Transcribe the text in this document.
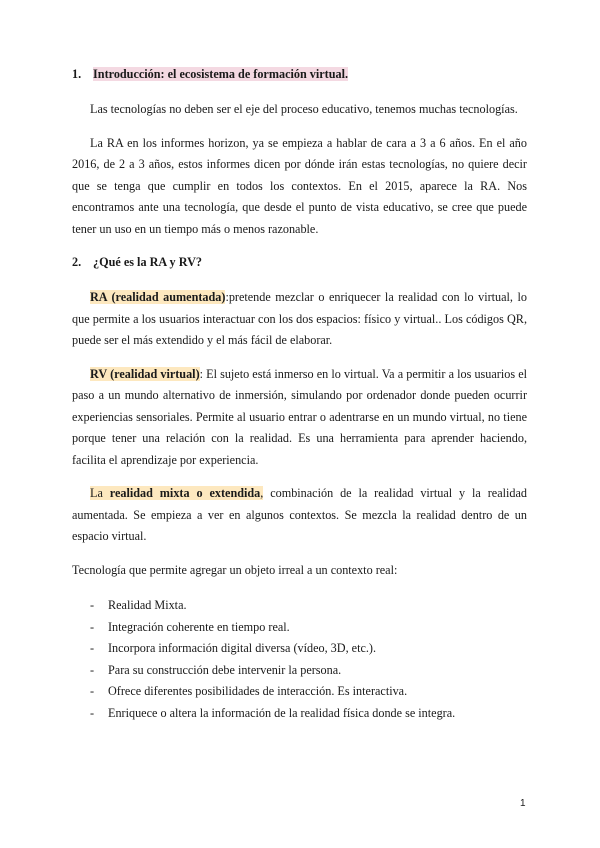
1. Introducción: el ecosistema de formación virtual.

Las tecnologías no deben ser el eje del proceso educativo, tenemos muchas tecnologías.

La RA en los informes horizon, ya se empieza a hablar de cara a 3 a 6 años. En el año 2016, de 2 a 3 años, estos informes dicen por dónde irán estas tecnologías, no quiere decir que se tenga que cumplir en todos los contextos. En el 2015, aparece la RA. Nos encontramos ante una tecnología, que desde el punto de vista educativo, se cree que puede tener un uso en un tiempo más o menos razonable.

2. ¿Qué es la RA y RV?

RA (realidad aumentada):pretende mezclar o enriquecer la realidad con lo virtual, lo que permite a los usuarios interactuar con los dos espacios: físico y virtual.. Los códigos QR, puede ser el más extendido y el más fácil de elaborar.

RV (realidad virtual): El sujeto está inmerso en lo virtual. Va a permitir a los usuarios el paso a un mundo alternativo de inmersión, simulando por ordenador donde pueden ocurrir experiencias sensoriales. Permite al usuario entrar o adentrarse en un mundo virtual, no tiene porque tener una relación con la realidad. Es una herramienta para aprender haciendo, facilita el aprendizaje por experiencia.

La realidad mixta o extendida, combinación de la realidad virtual y la realidad aumentada. Se empieza a ver en algunos contextos. Se mezcla la realidad dentro de un espacio virtual.

Tecnología que permite agregar un objeto irreal a un contexto real:

- Realidad Mixta.
- Integración coherente en tiempo real.
- Incorpora información digital diversa (vídeo, 3D, etc.).
- Para su construcción debe intervenir la persona.
- Ofrece diferentes posibilidades de interacción. Es interactiva.
- Enriquece o altera la información de la realidad física donde se integra.
1
